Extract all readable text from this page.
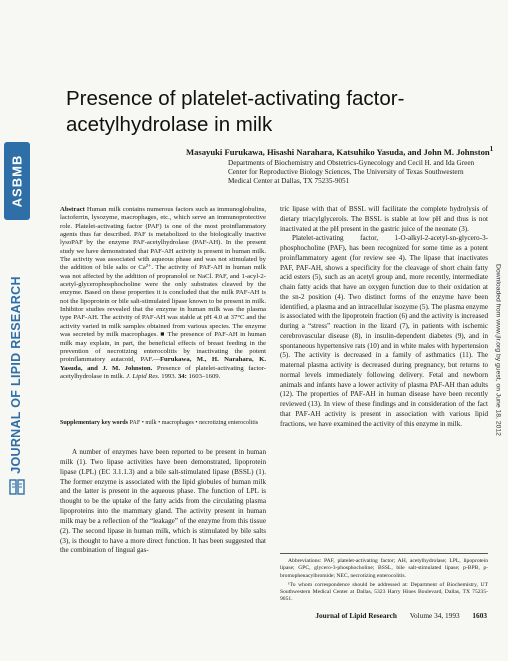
ASBMB
JOURNAL OF LIPID RESEARCH	Downloaded from www.jlr.org by guest, on June 18, 2012
Presence of platelet-activating factor-acetylhydrolase in milk
Masayuki Furukawa, Hisashi Narahara, Katsuhiko Yasuda, and John M. Johnston$^1$
Departments of Biochemistry and Obstetrics-Gynecology and Cecil H. and Ida Green Center for Reproductive Biology Sciences, The University of Texas Southwestern Medical Center at Dallas, TX 75235-9051

Abstract Human milk contains numerous factors such as immunoglobulins, lactoferrin, lysozyme, macrophages, etc., which serve an immunoprotective role. Platelet-activating factor (PAF) is one of the most proinflammatory agents thus far described. PAF is metabolized to the biologically inactive lysoPAF by the enzyme PAF-acetylhydrolase (PAF-AH). In the present study we have demonstrated that PAF-AH activity is present in human milk. The activity was associated with aqueous phase and was not stimulated by the addition of bile salts or Ca²⁺. The activity of PAF-AH in human milk was not affected by the addition of propranolol or NaCl. PAF, and 1-acyl-2-acetyl-glycerophosphocholine were the only substrates cleaved by the enzyme. Based on these properties it is concluded that the milk PAF-AH is not the lipoprotein or bile salt-stimulated lipase known to be present in milk. Inhibitor studies revealed that the enzyme in human milk was the plasma type PAF-AH. The activity of PAF-AH was stable at pH 4.0 at 37°C and the activity varied in milk samples obtained from various species. The enzyme was secreted by milk macrophages. ■ The presence of PAF-AH in human milk may explain, in part, the beneficial effects of breast feeding in the prevention of necrotizing enterocolitis by inactivating the potent proinflammatory autacoid, PAF.—Furukawa, M., H. Narahara, K. Yasuda, and J. M. Johnston. Presence of platelet-activating factor-acetylhydrolase in milk. J. Lipid Res. 1993. 34: 1603–1609.

Supplementary key words PAF • milk • macrophages • necrotizing enterocolitis

A number of enzymes have been reported to be present in human milk (1). Two lipase activities have been demonstrated, lipoprotein lipase (LPL) (EC 3.1.1.3) and a bile salt-stimulated lipase (BSSL) (1). The former enzyme is associated with the lipid globules of human milk and the latter is present in the aqueous phase. The function of LPL is thought to be the uptake of the fatty acids from the circulating plasma lipoproteins into the mammary gland. The activity present in human milk may be a reflection of the “leakage” of the enzyme from this tissue (2). The second lipase in human milk, which is stimulated by bile salts (3), is thought to have a more direct function. It has been suggested that the combination of lingual gas-

tric lipase with that of BSSL will facilitate the complete hydrolysis of dietary triacylglycerols. The BSSL is stable at low pH and thus is not inactivated at the pH present in the gastric juice of the neonate (3).

Platelet-activating factor, 1-O-alkyl-2-acetyl-sn-glycero-3-phosphocholine (PAF), has been recognized for some time as a potent proinflammatory agent (for review see 4). The lipase that inactivates PAF, PAF-AH, shows a specificity for the cleavage of short chain fatty acid esters (5), such as an acetyl group and, more recently, intermediate chain fatty acids that have an oxygen function due to their oxidation at the sn-2 position (4). Two distinct forms of the enzyme have been identified, a plasma and an intracellular isozyme (5). The plasma enzyme is associated with the lipoprotein fraction (6) and the activity is increased during a “stress” reaction in the lizard (7), in patients with ischemic cerebrovascular disease (8), in insulin-dependent diabetes (9), and in spontaneous hypertensive rats (10) and in white males with hypertension (5). The activity is decreased in a family of asthmatics (11). The maternal plasma activity is decreased during pregnancy, but returns to normal levels immediately following delivery. Fetal and newborn animals and infants have a lower activity of plasma PAF-AH than adults (12). The properties of PAF-AH in human disease have been recently reviewed (13). In view of these findings and in consideration of the fact that PAF-AH activity is present in association with various lipid fractions, we have examined the activity of this enzyme in milk.

Abbreviations: PAF, platelet-activating factor; AH, acetylhydrolase; LPL, lipoprotein lipase; GPC, glycero-3-phosphocholine; BSSL, bile salt-stimulated lipase; p-BPB, p-bromophenacylbromide; NEC, necrotizing enterocolitis.

¹To whom correspondence should be addressed at: Department of Biochemistry, UT Southwestern Medical Center at Dallas, 5323 Harry Hines Boulevard, Dallas, TX 75235-9051.

Journal of Lipid Research Volume 34, 1993 1603
